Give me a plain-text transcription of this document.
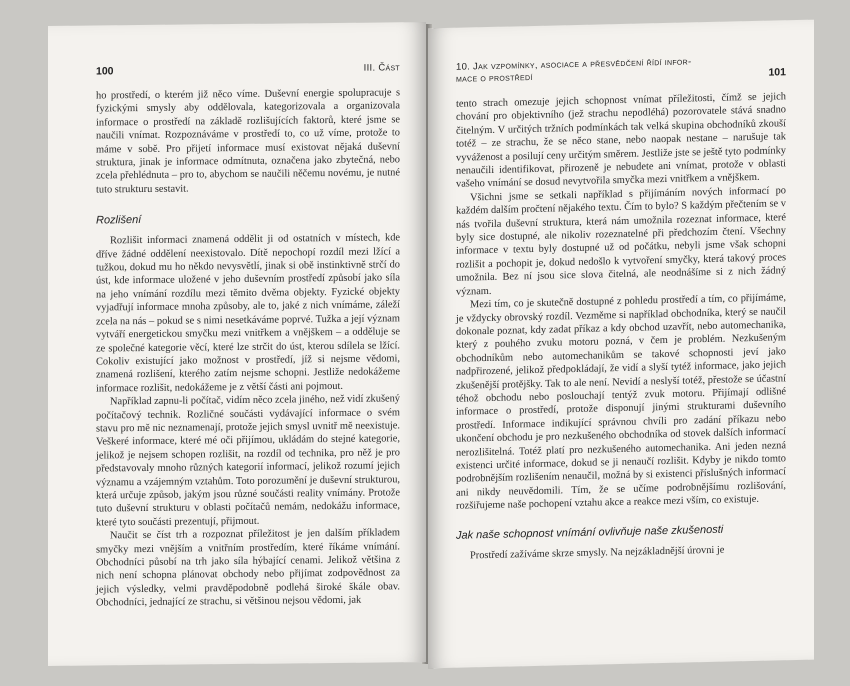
100	III. Část

ho prostředí, o kterém již něco víme. Duševní energie spolupracuje s fyzickými smysly aby oddělovala, kategorizovala a organizovala informace o prostředí na základě rozlišujících faktorů, které jsme se naučili vnímat. Rozpoznáváme v prostředí to, co už víme, protože to máme v sobě. Pro přijetí informace musí existovat nějaká duševní struktura, jinak je informace odmítnuta, označena jako zbytečná, nebo zcela přehlédnuta – pro to, abychom se naučili něčemu novému, je nutné tuto strukturu sestavit.

Rozlišení

Rozlišit informaci znamená oddělit ji od ostatních v místech, kde dříve žádné oddělení neexistovalo. Dítě nepochopí rozdíl mezi lžící a tužkou, dokud mu ho někdo nevysvětlí, jinak si obě instinktivně strčí do úst, kde informace uložené v jeho duševním prostředí způsobí jako síla na jeho vnímání rozdílu mezi těmito dvěma objekty. Fyzické objekty vyjadřují informace mnoha způsoby, ale to, jaké z nich vnímáme, záleží zcela na nás – pokud se s nimi nesetkáváme poprvé. Tužka a její význam vytváří energetickou smyčku mezi vnitřkem a vnějškem – a odděluje se ze společné kategorie věcí, které lze strčit do úst, kterou sdílela se lžící. Cokoliv existující jako možnost v prostředí, jíž si nejsme vědomi, znamená rozlišení, kterého zatím nejsme schopni. Jestliže nedokážeme informace rozlišit, nedokážeme je z větší části ani pojmout.

Například zapnu-li počítač, vidím něco zcela jiného, než vidí zkušený počítačový technik. Rozličné součásti vydávající informace o svém stavu pro mě nic neznamenají, protože jejich smysl uvnitř mě neexistuje. Veškeré informace, které mé oči přijímou, ukládám do stejné kategorie, jelikož je nejsem schopen rozlišit, na rozdíl od technika, pro něž je pro představovaly mnoho různých kategorií informací, jelikož rozumí jejich významu a vzájemným vztahům. Toto porozumění je duševní strukturou, která určuje způsob, jakým jsou různé součásti reality vnímány. Protože tuto duševní strukturu v oblasti počítačů nemám, nedokážu informace, které tyto součásti prezentují, přijmout.

Naučit se číst trh a rozpoznat příležitost je jen dalším příkladem smyčky mezi vnějším a vnitřním prostředím, které říkáme vnímání. Obchodníci působí na trh jako síla hýbající cenami. Jelikož většina z nich není schopna plánovat obchody nebo přijímat zodpovědnost za jejich výsledky, velmi pravděpodobně podlehá široké škále obav. Obchodníci, jednající ze strachu, si většinou nejsou vědomi, jak

10. Jak vzpomínky, asociace a přesvědčení řídí infor-
mace o prostředí	101

tento strach omezuje jejich schopnost vnímat příležitosti, čímž se jejich chování pro objektivního (jež strachu nepodléhá) pozorovatele stává snadno čitelným. V určitých tržních podmínkách tak velká skupina obchodníků zkouší totéž – ze strachu, že se něco stane, nebo naopak nestane – narušuje tak vyváženost a posilují ceny určitým směrem. Jestliže jste se ještě tyto podmínky nenaučili identifikovat, přirozeně je nebudete ani vnímat, protože v oblasti vašeho vnímání se dosud nevytvořila smyčka mezi vnitřkem a vnějškem.

Všichni jsme se setkali například s přijímáním nových informací po každém dalším pročtení nějakého textu. Čím to bylo? S každým přečtením se v nás tvořila duševní struktura, která nám umožnila rozeznat informace, které byly sice dostupné, ale nikoliv rozeznatelné při předchozím čtení. Všechny informace v textu byly dostupné už od počátku, nebyli jsme však schopni rozlišit a pochopit je, dokud nedošlo k vytvoření smyčky, která takový proces umožnila. Bez ní jsou sice slova čitelná, ale neodnášíme si z nich žádný význam.

Mezi tím, co je skutečně dostupné z pohledu prostředí a tím, co přijímáme, je vždycky obrovský rozdíl. Vezměme si například obchodníka, který se naučil dokonale poznat, kdy zadat příkaz a kdy obchod uzavřít, nebo automechanika, který z pouhého zvuku motoru pozná, v čem je problém. Nezkušeným obchodníkům nebo automechanikům se takové schopnosti jeví jako nadpřirozené, jelikož předpokládají, že vidí a slyší tytéž informace, jako jejich zkušenější protějšky. Tak to ale není. Nevidí a neslyší totéž, přestože se účastní téhož obchodu nebo poslouchají tentýž zvuk motoru. Přijímají odlišné informace o prostředí, protože disponují jinými strukturami duševního prostředí. Informace indikující správnou chvíli pro zadání příkazu nebo ukončení obchodu je pro nezkušeného obchodníka od stovek dalších informací nerozlišitelná. Totéž platí pro nezkušeného automechanika. Ani jeden nezná existenci určité informace, dokud se ji nenaučí rozlišit. Kdyby je nikdo tomto podrobnějším rozlišením nenaučil, možná by si existenci příslušných informací ani nikdy neuvědomili. Tím, že se učíme podrobnějšímu rozlišování, rozšiřujeme naše pochopení vztahu akce a reakce mezi vším, co existuje.

Jak naše schopnost vnímání ovlivňuje naše zkušenosti

Prostředí zažíváme skrze smysly. Na nejzákladnější úrovni je
